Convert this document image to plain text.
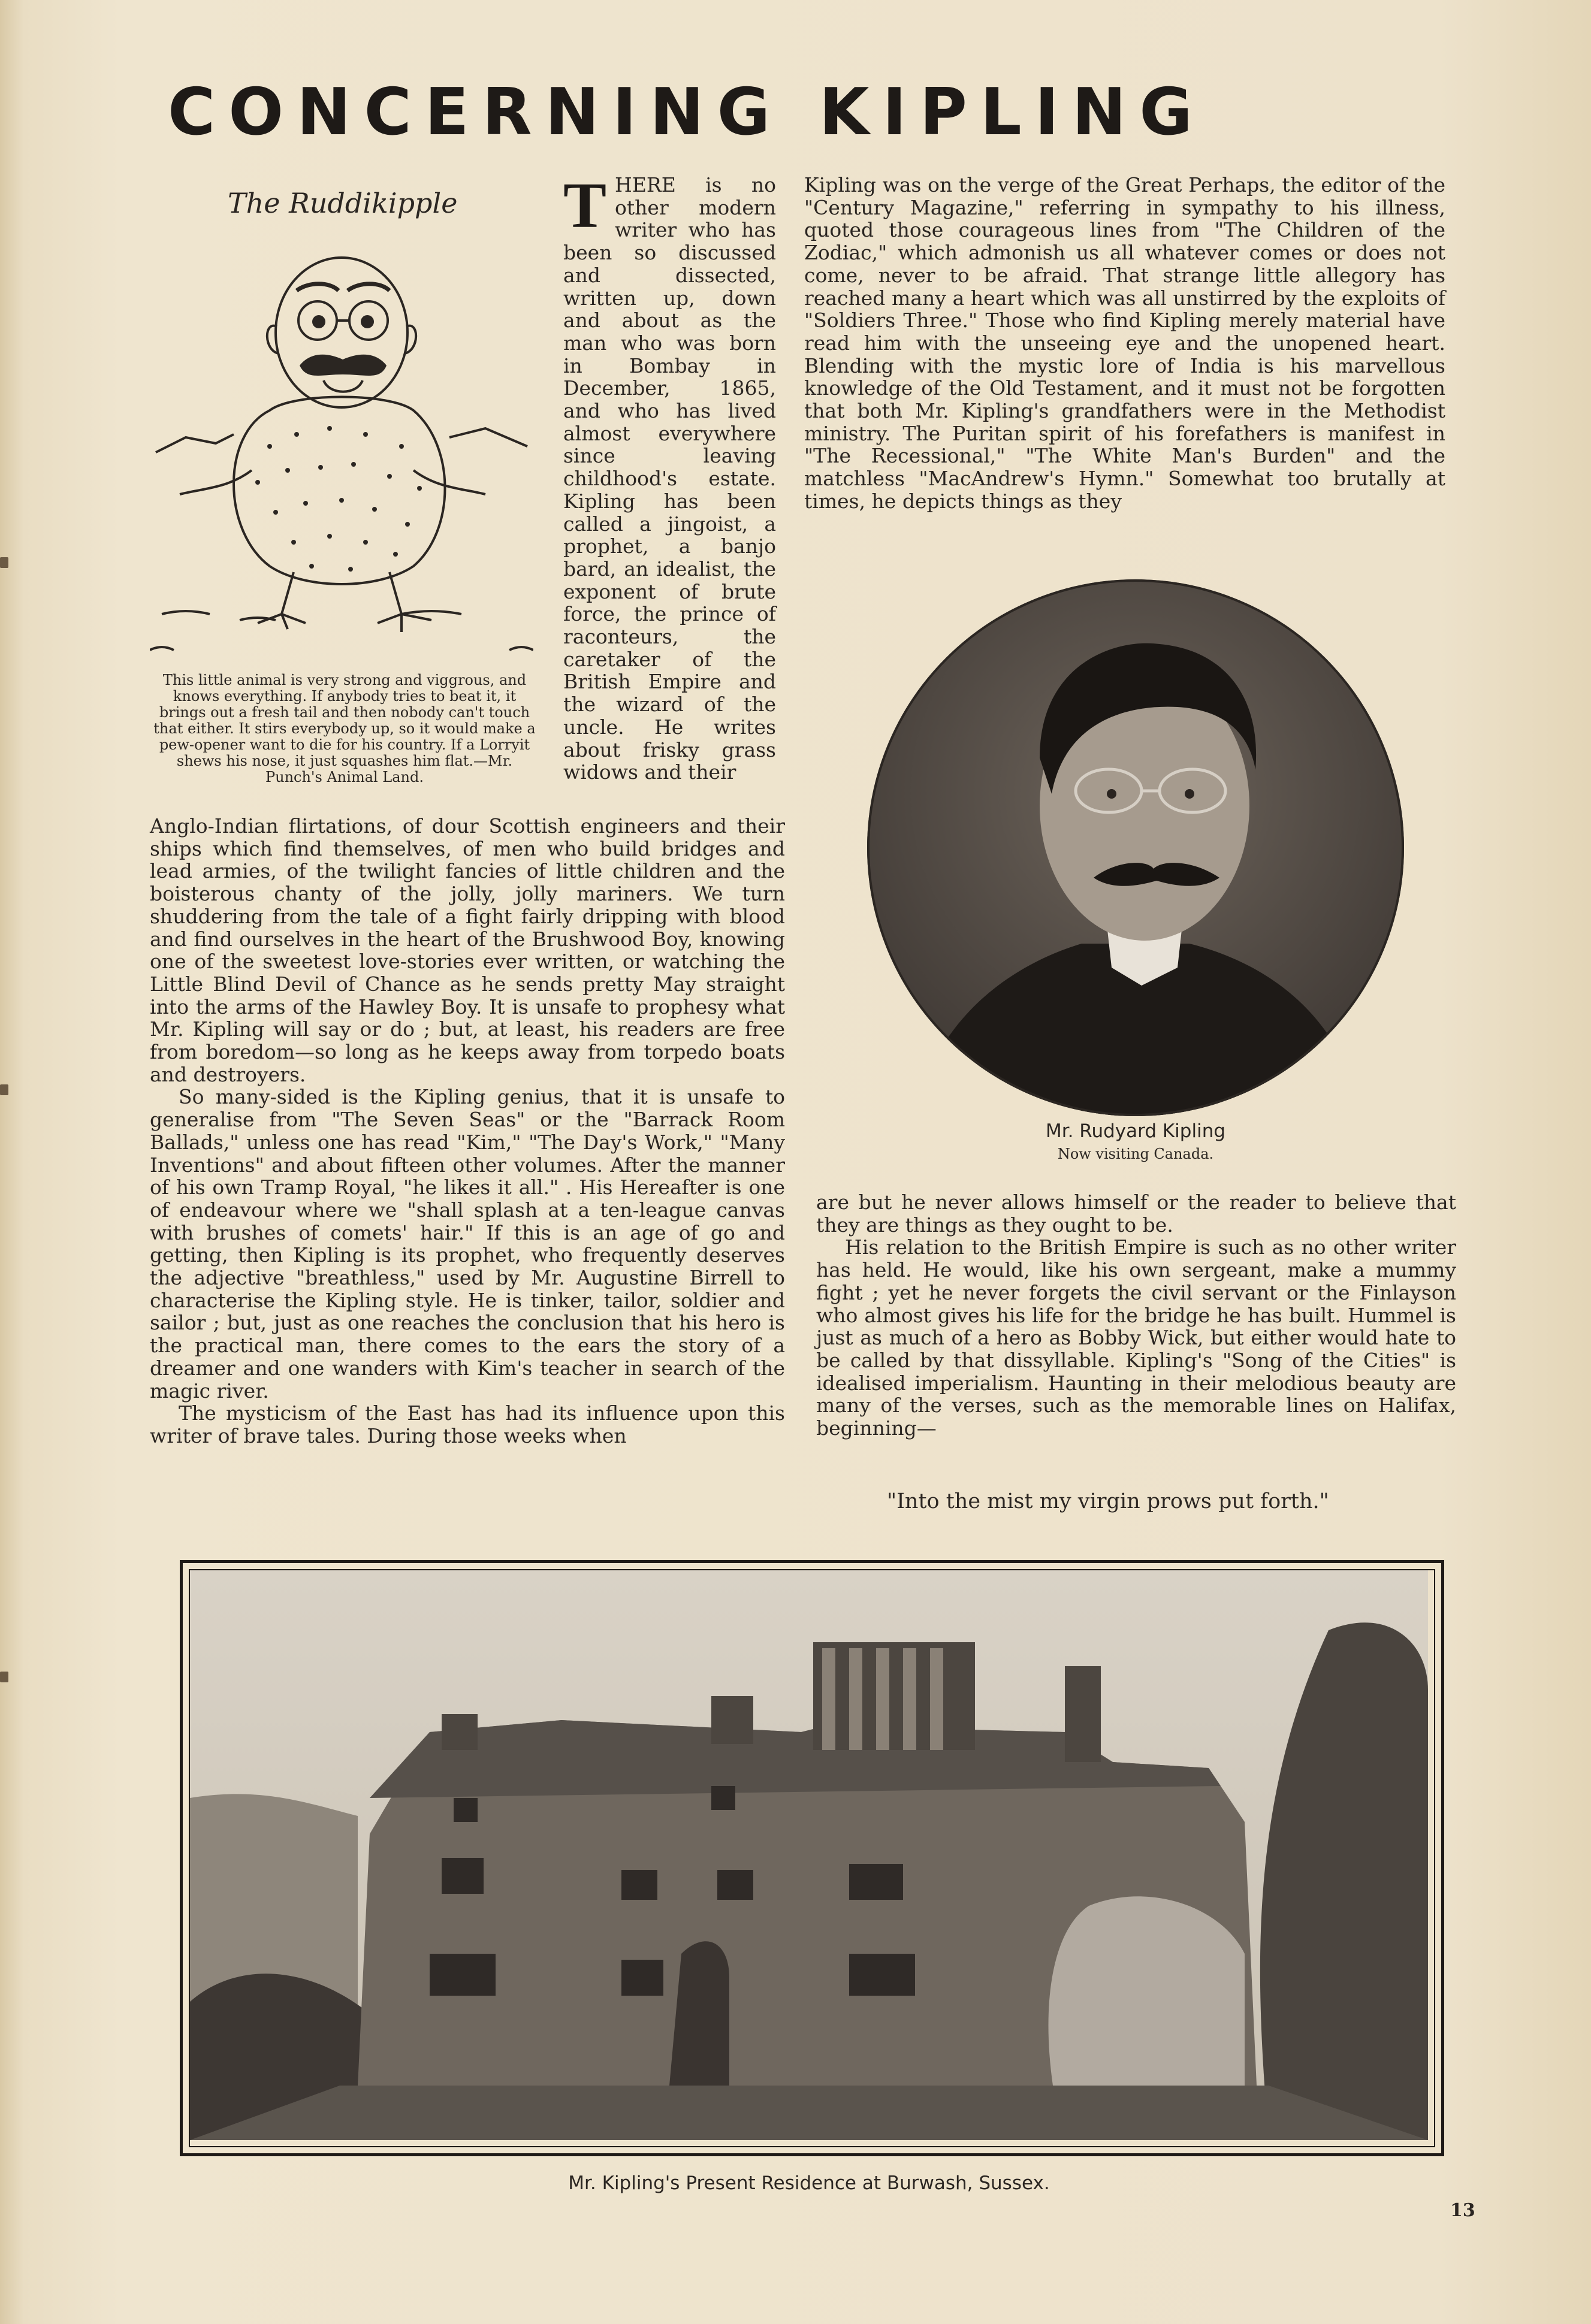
CONCERNING KIPLING
The Ruddikipple
This little animal is very strong and viggrous, and knows everything. If anybody tries to beat it, it brings out a fresh tail and then nobody can't touch that either. It stirs everybody up, so it would make a pew-opener want to die for his country. If a Lorryit shews his nose, it just squashes him flat.—Mr. Punch's Animal Land.

THERE is no other modern writer who has been so discussed and dissected, written up, down and about as the man who was born in Bombay in December, 1865, and who has lived almost everywhere since leaving childhood's estate. Kipling has been called a jingoist, a prophet, a banjo bard, an idealist, the exponent of brute force, the prince of raconteurs, the caretaker of the British Empire and the wizard of the uncle. He writes about frisky grass widows and their

Anglo-Indian flirtations, of dour Scottish engineers and their ships which find themselves, of men who build bridges and lead armies, of the twilight fancies of little children and the boisterous chanty of the jolly, jolly mariners. We turn shuddering from the tale of a fight fairly dripping with blood and find ourselves in the heart of the Brushwood Boy, knowing one of the sweetest love-stories ever written, or watching the Little Blind Devil of Chance as he sends pretty May straight into the arms of the Hawley Boy. It is unsafe to prophesy what Mr. Kipling will say or do ; but, at least, his readers are free from boredom—so long as he keeps away from torpedo boats and destroyers.

So many-sided is the Kipling genius, that it is unsafe to generalise from "The Seven Seas" or the "Barrack Room Ballads," unless one has read "Kim," "The Day's Work," "Many Inventions" and about fifteen other volumes. After the manner of his own Tramp Royal, "he likes it all." . His Hereafter is one of endeavour where we "shall splash at a ten-league canvas with brushes of comets' hair." If this is an age of go and getting, then Kipling is its prophet, who frequently deserves the adjective "breathless," used by Mr. Augustine Birrell to characterise the Kipling style. He is tinker, tailor, soldier and sailor ; but, just as one reaches the conclusion that his hero is the practical man, there comes to the ears the story of a dreamer and one wanders with Kim's teacher in search of the magic river.

The mysticism of the East has had its influence upon this writer of brave tales. During those weeks when

Kipling was on the verge of the Great Perhaps, the editor of the "Century Magazine," referring in sympathy to his illness, quoted those courageous lines from "The Children of the Zodiac," which admonish us all whatever comes or does not come, never to be afraid. That strange little allegory has reached many a heart which was all unstirred by the exploits of "Soldiers Three." Those who find Kipling merely material have read him with the unseeing eye and the unopened heart. Blending with the mystic lore of India is his marvellous knowledge of the Old Testament, and it must not be forgotten that both Mr. Kipling's grandfathers were in the Methodist ministry. The Puritan spirit of his forefathers is manifest in "The Recessional," "The White Man's Burden" and the matchless "MacAndrew's Hymn." Somewhat too brutally at times, he depicts things as they

Mr. Rudyard Kipling
Now visiting Canada.

are but he never allows himself or the reader to believe that they are things as they ought to be.

His relation to the British Empire is such as no other writer has held. He would, like his own sergeant, make a mummy fight ; yet he never forgets the civil servant or the Finlayson who almost gives his life for the bridge he has built. Hummel is just as much of a hero as Bobby Wick, but either would hate to be called by that dissyllable. Kipling's "Song of the Cities" is idealised imperialism. Haunting in their melodious beauty are many of the verses, such as the memorable lines on Halifax, beginning—

"Into the mist my virgin prows put forth."
Mr. Kipling's Present Residence at Burwash, Sussex.
13
